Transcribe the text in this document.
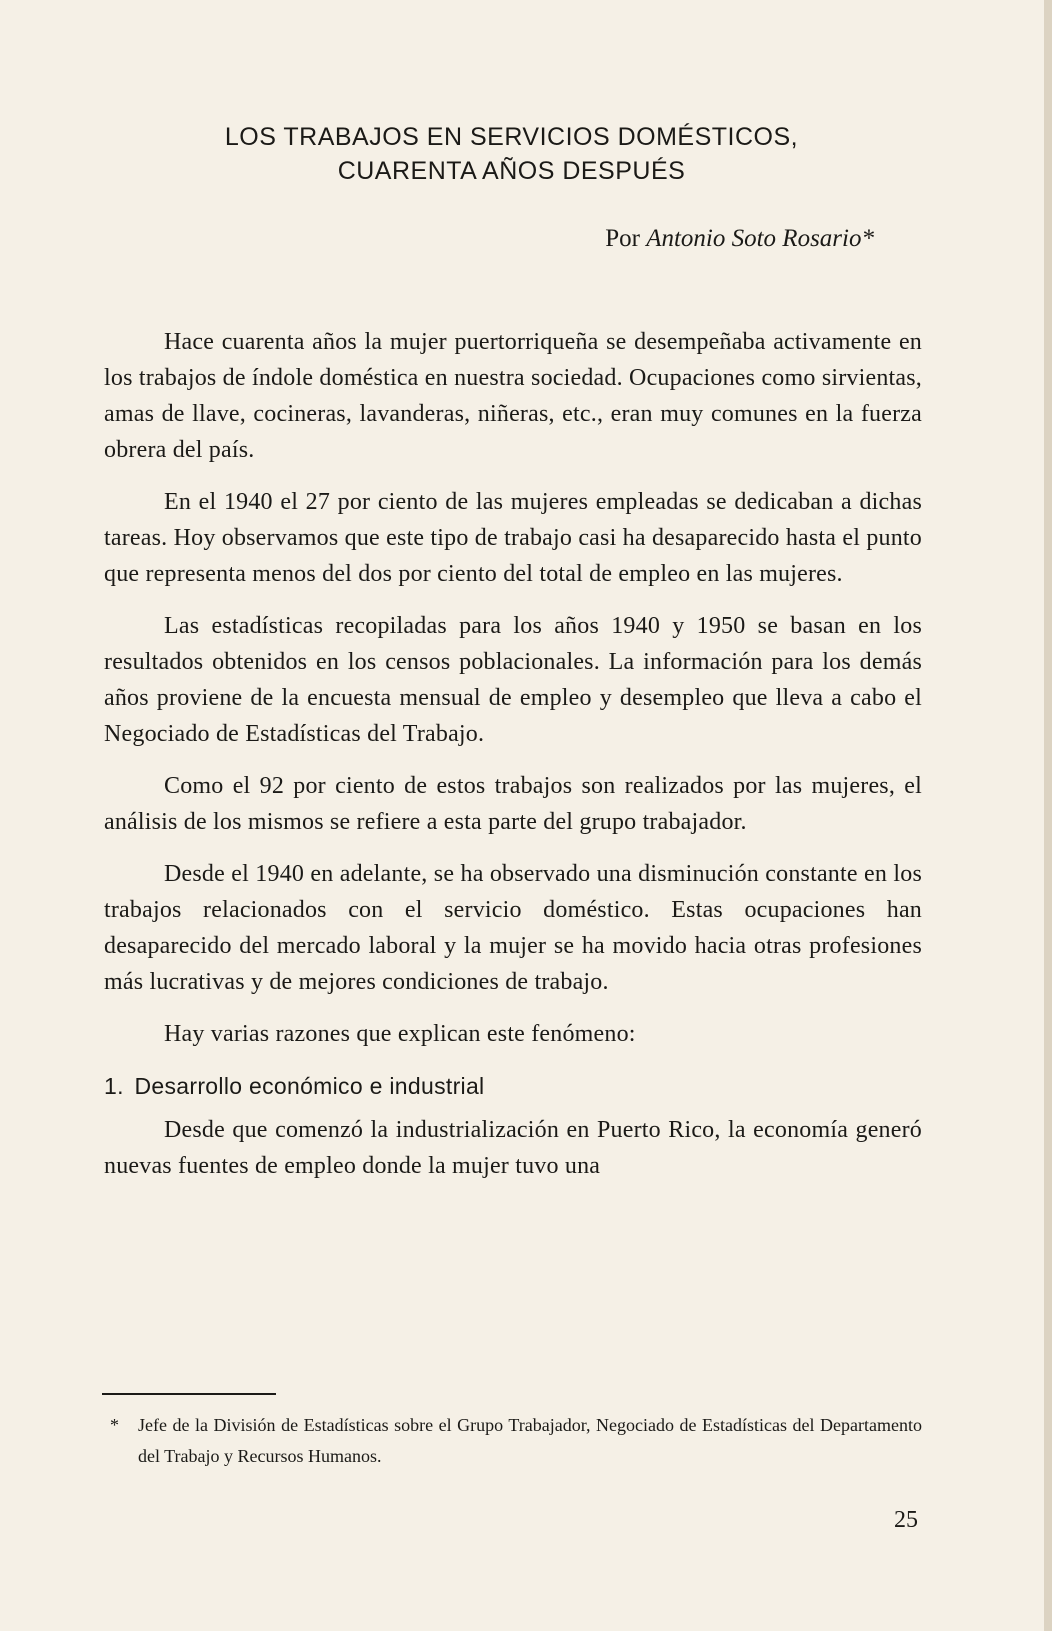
LOS TRABAJOS EN SERVICIOS DOMÉSTICOS,
CUARENTA AÑOS DESPUÉS
Por Antonio Soto Rosario*

Hace cuarenta años la mujer puertorriqueña se desempeñaba activamente en los trabajos de índole doméstica en nuestra sociedad. Ocupaciones como sirvientas, amas de llave, cocineras, lavanderas, niñeras, etc., eran muy comunes en la fuerza obrera del país.

En el 1940 el 27 por ciento de las mujeres empleadas se dedicaban a dichas tareas. Hoy observamos que este tipo de trabajo casi ha desaparecido hasta el punto que representa menos del dos por ciento del total de empleo en las mujeres.

Las estadísticas recopiladas para los años 1940 y 1950 se basan en los resultados obtenidos en los censos poblacionales. La información para los demás años proviene de la encuesta mensual de empleo y desempleo que lleva a cabo el Negociado de Estadísticas del Trabajo.

Como el 92 por ciento de estos trabajos son realizados por las mujeres, el análisis de los mismos se refiere a esta parte del grupo trabajador.

Desde el 1940 en adelante, se ha observado una disminución constante en los trabajos relacionados con el servicio doméstico. Estas ocupaciones han desaparecido del mercado laboral y la mujer se ha movido hacia otras profesiones más lucrativas y de mejores condiciones de trabajo.

Hay varias razones que explican este fenómeno:

1. Desarrollo económico e industrial

Desde que comenzó la industrialización en Puerto Rico, la economía generó nuevas fuentes de empleo donde la mujer tuvo una

*	Jefe de la División de Estadísticas sobre el Grupo Trabajador, Negociado de Estadísticas del Departamento del Trabajo y Recursos Humanos.
25
